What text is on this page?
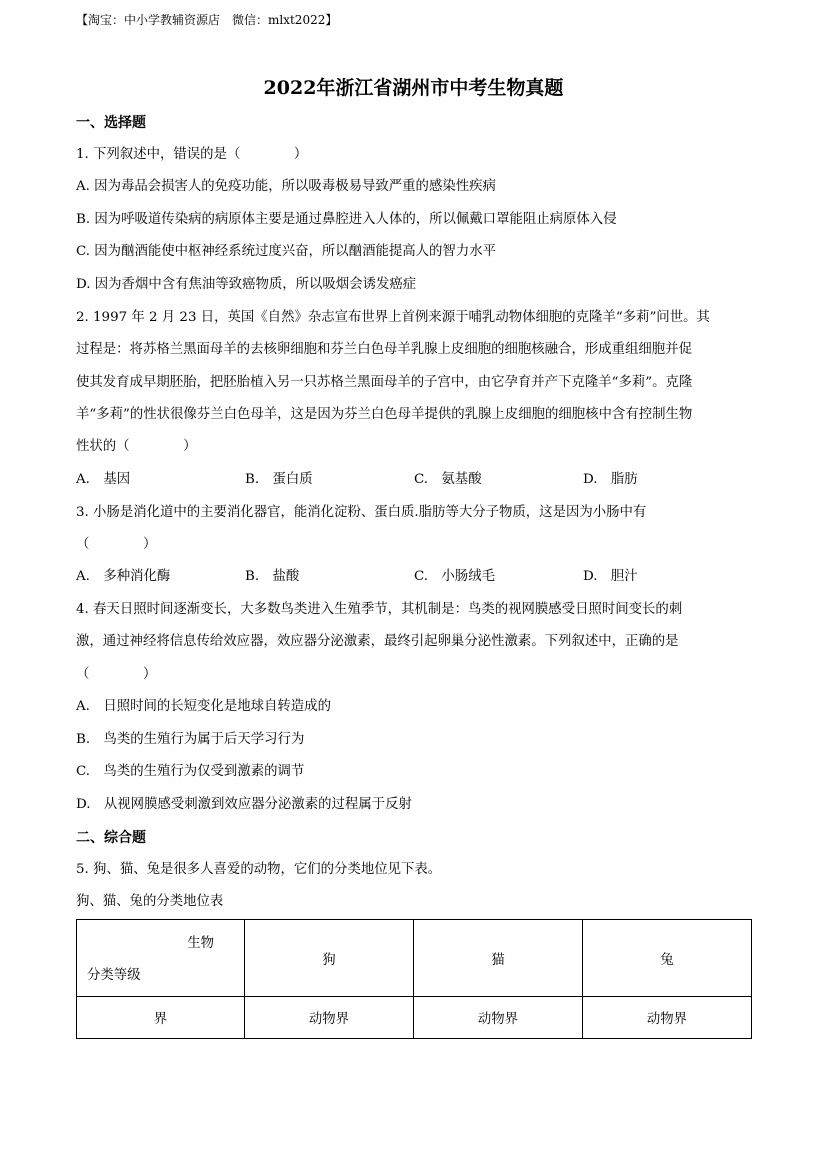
【淘宝：中小学教辅资源店　微信：mlxt2022】
2022年浙江省湖州市中考生物真题
一、选择题
1. 下列叙述中，错误的是（　　　　）
A. 因为毒品会损害人的免疫功能，所以吸毒极易导致严重的感染性疾病
B. 因为呼吸道传染病的病原体主要是通过鼻腔进入人体的，所以佩戴口罩能阻止病原体入侵
C. 因为酗酒能使中枢神经系统过度兴奋，所以酗酒能提高人的智力水平
D. 因为香烟中含有焦油等致癌物质，所以吸烟会诱发癌症
2. 1997 年 2 月 23 日，英国《自然》杂志宣布世界上首例来源于哺乳动物体细胞的克隆羊“多莉”问世。其
过程是：将苏格兰黑面母羊的去核卵细胞和芬兰白色母羊乳腺上皮细胞的细胞核融合，形成重组细胞并促
使其发育成早期胚胎，把胚胎植入另一只苏格兰黑面母羊的子宫中，由它孕育并产下克隆羊“多莉”。克隆
羊“多莉”的性状很像芬兰白色母羊，这是因为芬兰白色母羊提供的乳腺上皮细胞的细胞核中含有控制生物
性状的（　　　　）
A.　基因	B.　蛋白质	C.　氨基酸	D.　脂肪
3. 小肠是消化道中的主要消化器官，能消化淀粉、蛋白质.脂肪等大分子物质，这是因为小肠中有
（　　　　）
A.　多种消化酶	B.　盐酸	C.　小肠绒毛	D.　胆汁
4. 春天日照时间逐渐变长，大多数鸟类进入生殖季节，其机制是：鸟类的视网膜感受日照时间变长的刺
激，通过神经将信息传给效应器，效应器分泌激素，最终引起卵巢分泌性激素。下列叙述中，正确的是
（　　　　）
A.　日照时间的长短变化是地球自转造成的
B.　鸟类的生殖行为属于后天学习行为
C.　鸟类的生殖行为仅受到激素的调节
D.　从视网膜感受刺激到效应器分泌激素的过程属于反射
二、综合题
5. 狗、猫、兔是很多人喜爱的动物，它们的分类地位见下表。
狗、猫、兔的分类地位表
生物
分类等级	狗	猫	兔
界	动物界	动物界	动物界
